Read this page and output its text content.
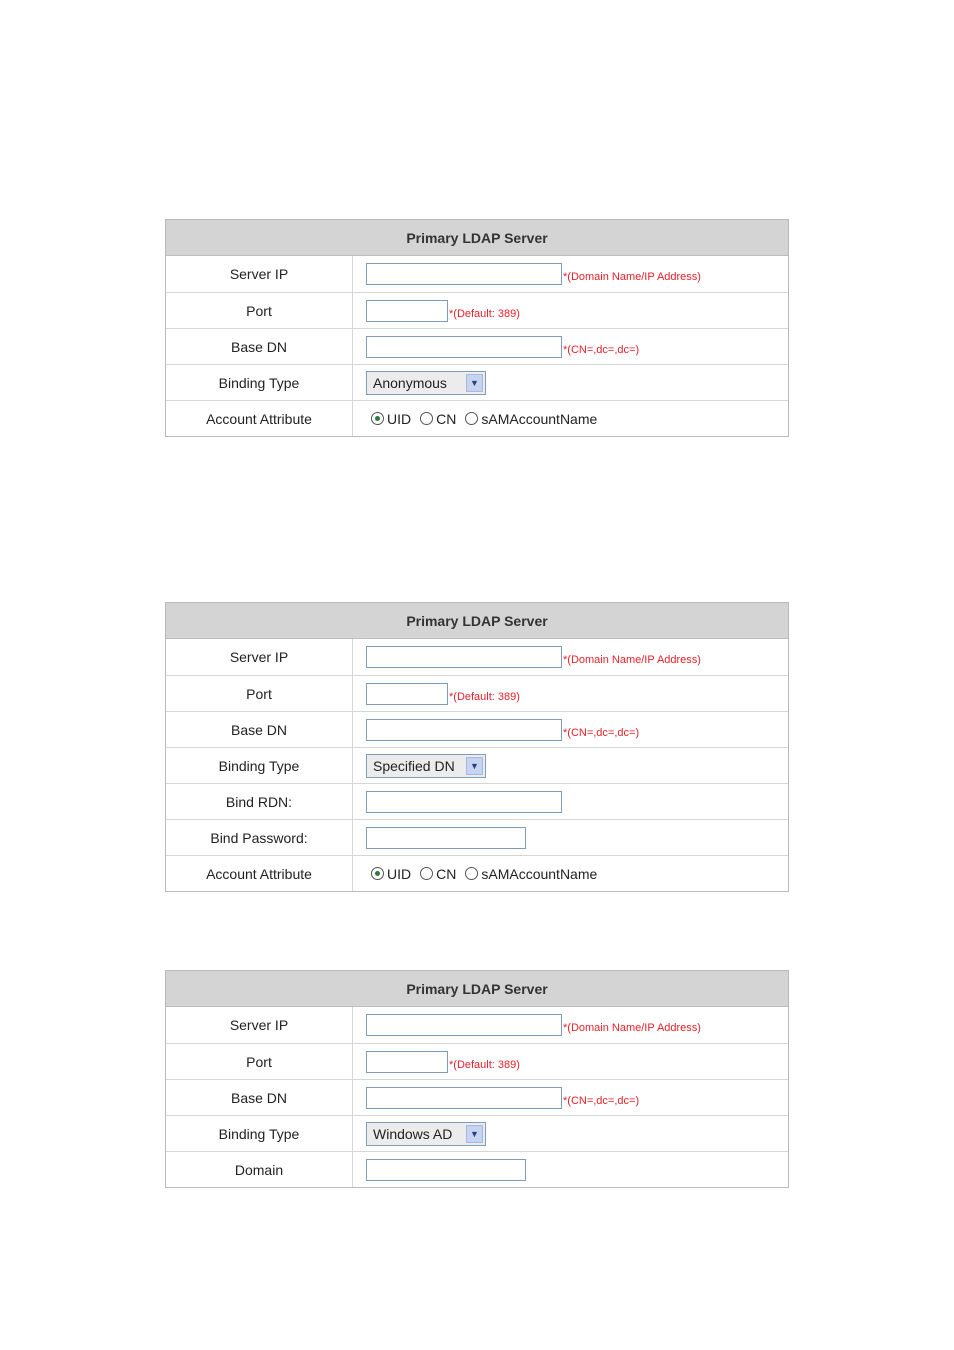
Primary LDAP Server
Server IP	*(Domain Name/IP Address)
Port	*(Default: 389)
Base DN	*(CN=,dc=,dc=)
Binding Type	Anonymous	▼
Account Attribute	UID CN sAMAccountName
Primary LDAP Server
Server IP	*(Domain Name/IP Address)
Port	*(Default: 389)
Base DN	*(CN=,dc=,dc=)
Binding Type	Specified DN	▼
Bind RDN:
Bind Password:
Account Attribute	UID CN sAMAccountName
Primary LDAP Server
Server IP	*(Domain Name/IP Address)
Port	*(Default: 389)
Base DN	*(CN=,dc=,dc=)
Binding Type	Windows AD	▼
Domain
